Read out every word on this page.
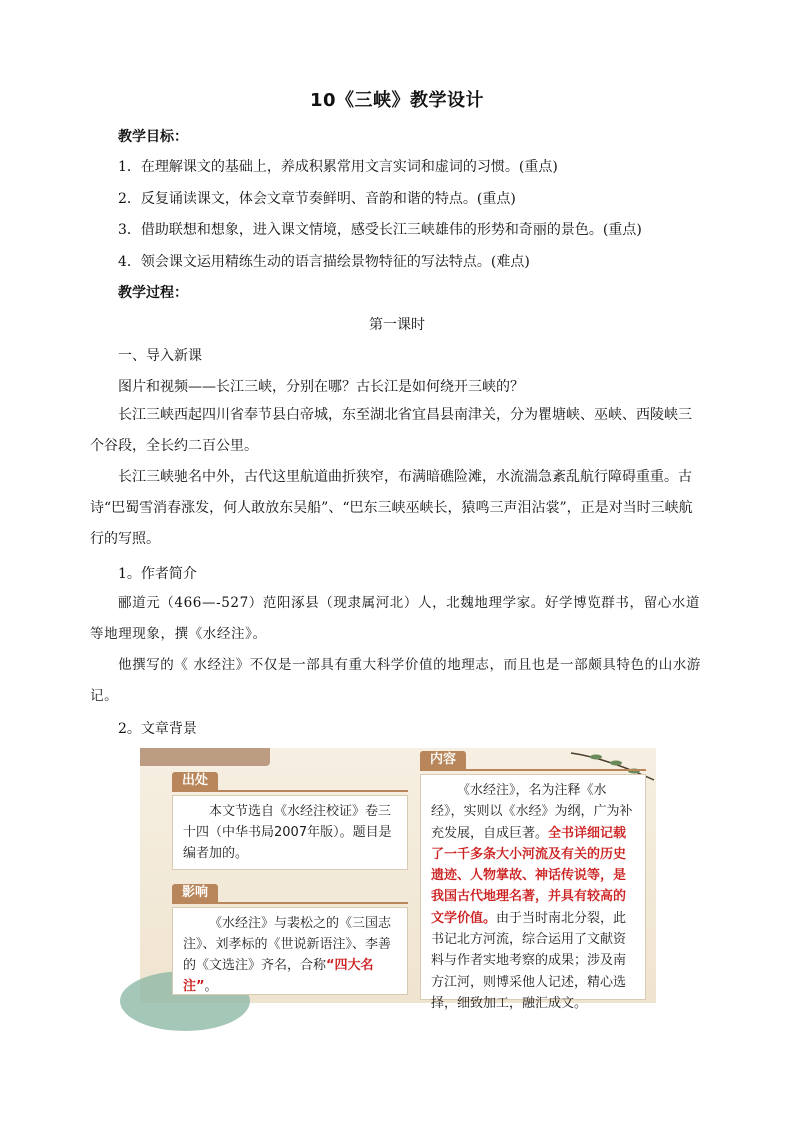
10《三峡》教学设计
教学目标：
1．在理解课文的基础上，养成积累常用文言实词和虚词的习惯。(重点)
2．反复诵读课文，体会文章节奏鲜明、音韵和谐的特点。(重点)
3．借助联想和想象，进入课文情境，感受长江三峡雄伟的形势和奇丽的景色。(重点)
4．领会课文运用精练生动的语言描绘景物特征的写法特点。(难点)
教学过程：
第一课时
一、导入新课
图片和视频——长江三峡，分别在哪？古长江是如何绕开三峡的？
长江三峡西起四川省奉节县白帝城，东至湖北省宜昌县南津关，分为瞿塘峡、巫峡、西陵峡三个谷段，全长约二百公里。
长江三峡驰名中外，古代这里航道曲折狭窄，布满暗礁险滩，水流湍急紊乱航行障碍重重。古诗“巴蜀雪消春涨发，何人敢放东吴船”、“巴东三峡巫峡长，猿鸣三声泪沾裳”，正是对当时三峡航行的写照。
1。作者简介
郦道元（466—-527）范阳涿县（现隶属河北）人，北魏地理学家。好学博览群书，留心水道等地理现象，撰《水经注》。
他撰写的《 水经注》不仅是一部具有重大科学价值的地理志，而且也是一部颇具特色的山水游记。
2。文章背景
出处
本文节选自《水经注校证》卷三十四（中华书局2007年版）。题目是编者加的。
影响
《水经注》与裴松之的《三国志注》、刘孝标的《世说新语注》、李善的《文选注》齐名，合称“四大名注”。
内容
《水经注》，名为注释《水经》，实则以《水经》为纲，广为补充发展，自成巨著。全书详细记载了一千多条大小河流及有关的历史遗迹、人物掌故、神话传说等，是我国古代地理名著，并具有较高的文学价值。由于当时南北分裂，此书记北方河流，综合运用了文献资料与作者实地考察的成果；涉及南方江河，则博采他人记述，精心选择，细致加工，融汇成文。
